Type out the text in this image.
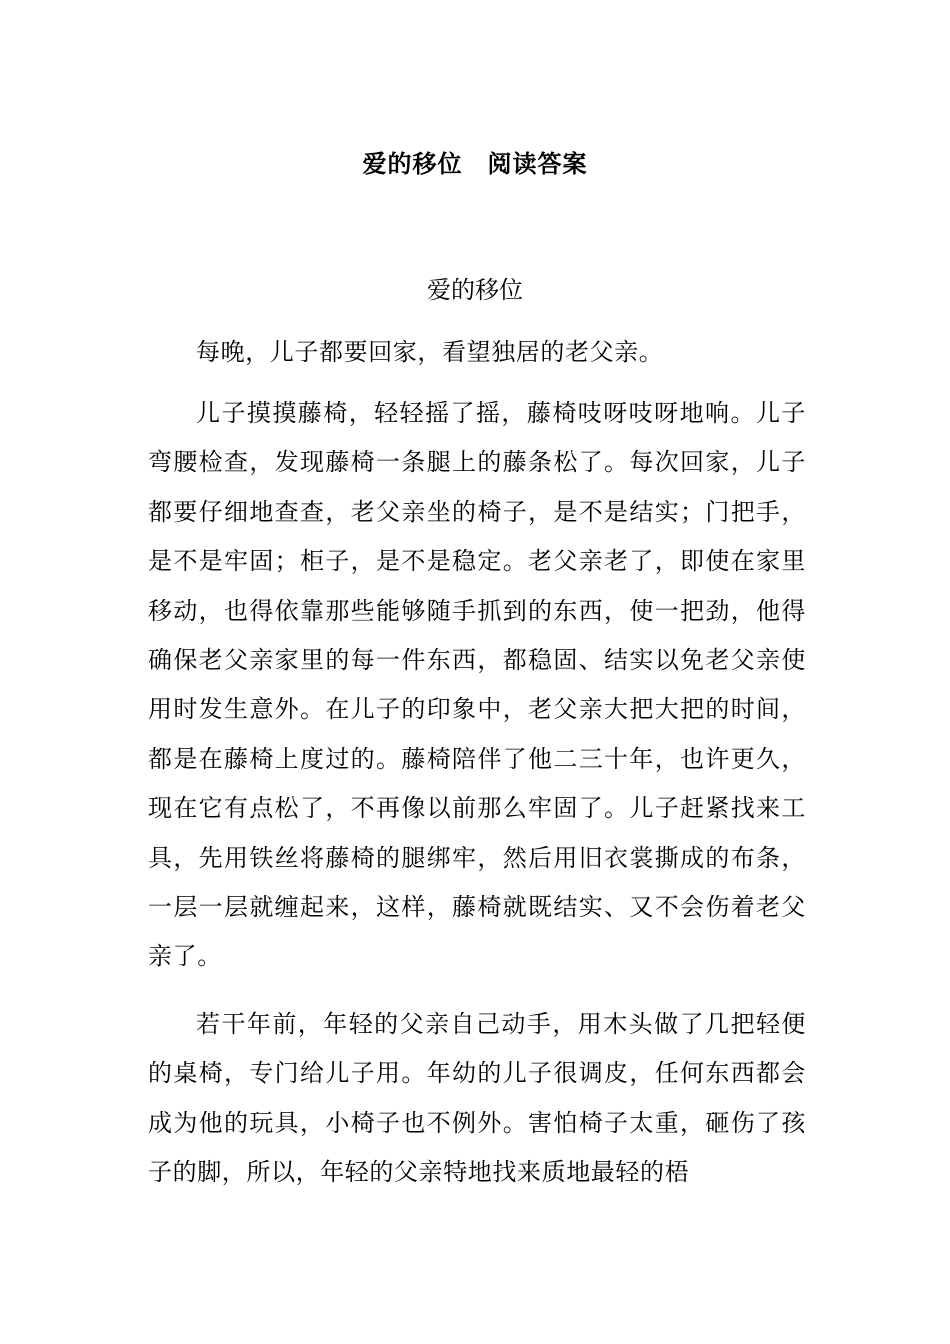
爱的移位　阅读答案
爱的移位

每晚，儿子都要回家，看望独居的老父亲。

儿子摸摸藤椅，轻轻摇了摇，藤椅吱呀吱呀地响。儿子弯腰检查，发现藤椅一条腿上的藤条松了。每次回家，儿子都要仔细地查查，老父亲坐的椅子，是不是结实；门把手，是不是牢固；柜子，是不是稳定。老父亲老了，即使在家里移动，也得依靠那些能够随手抓到的东西，使一把劲，他得确保老父亲家里的每一件东西，都稳固、结实以免老父亲使用时发生意外。在儿子的印象中，老父亲大把大把的时间，都是在藤椅上度过的。藤椅陪伴了他二三十年，也许更久，现在它有点松了，不再像以前那么牢固了。儿子赶紧找来工具，先用铁丝将藤椅的腿绑牢，然后用旧衣裳撕成的布条，一层一层就缠起来，这样，藤椅就既结实、又不会伤着老父亲了。

若干年前，年轻的父亲自己动手，用木头做了几把轻便的桌椅，专门给儿子用。年幼的儿子很调皮，任何东西都会成为他的玩具，小椅子也不例外。害怕椅子太重，砸伤了孩子的脚，所以，年轻的父亲特地找来质地最轻的梧
